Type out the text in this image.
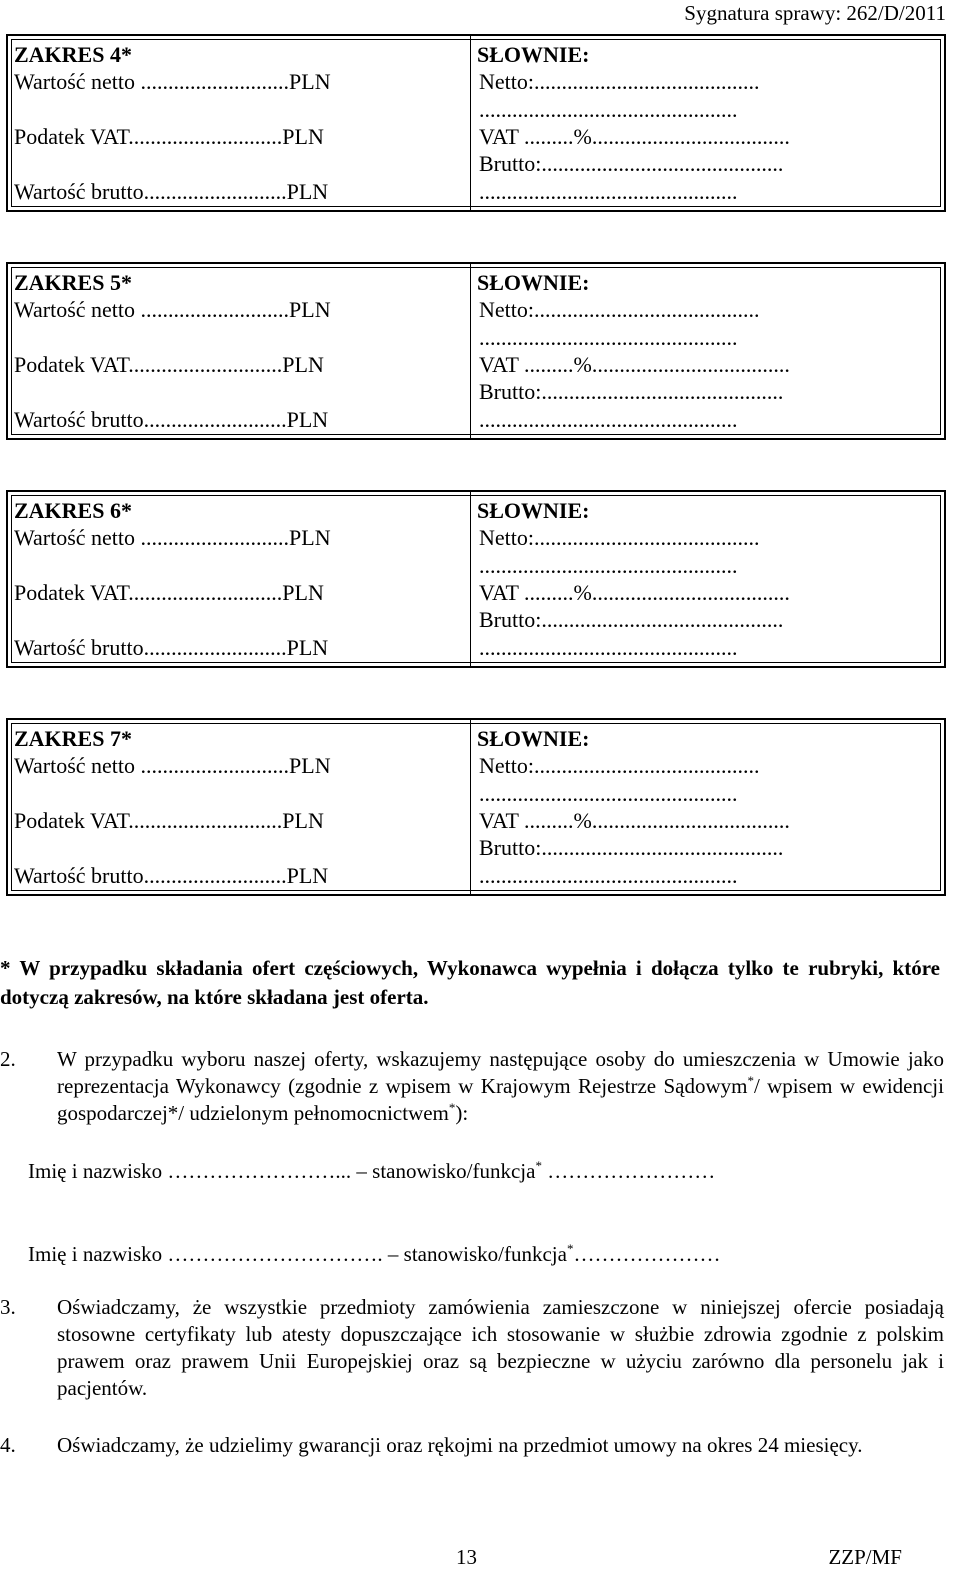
Sygnatura sprawy: 262/D/2011
ZAKRES 4*
Wartość netto ...........................PLN
Podatek VAT............................PLN
Wartość brutto..........................PLN
SŁOWNIE:
Netto:.........................................
...............................................
VAT .........%....................................
Brutto:............................................
...............................................
ZAKRES 5*
Wartość netto ...........................PLN
Podatek VAT............................PLN
Wartość brutto..........................PLN
SŁOWNIE:
Netto:.........................................
...............................................
VAT .........%....................................
Brutto:............................................
...............................................
ZAKRES 6*
Wartość netto ...........................PLN
Podatek VAT............................PLN
Wartość brutto..........................PLN
SŁOWNIE:
Netto:.........................................
...............................................
VAT .........%....................................
Brutto:............................................
...............................................
ZAKRES 7*
Wartość netto ...........................PLN
Podatek VAT............................PLN
Wartość brutto..........................PLN
SŁOWNIE:
Netto:.........................................
...............................................
VAT .........%....................................
Brutto:............................................
...............................................
* W przypadku składania ofert częściowych, Wykonawca wypełnia i dołącza tylko te rubryki, które dotyczą zakresów, na które składana jest oferta.
2. W przypadku wyboru naszej oferty, wskazujemy następujące osoby do umieszczenia w Umowie jako reprezentacja Wykonawcy (zgodnie z wpisem w Krajowym Rejestrze Sądowym*/ wpisem w ewidencji gospodarczej*/ udzielonym pełnomocnictwem*):
Imię i nazwisko ……………………... – stanowisko/funkcja* ……………………
Imię i nazwisko …………………………. – stanowisko/funkcja*…………………
3. Oświadczamy, że wszystkie przedmioty zamówienia zamieszczone w niniejszej ofercie posiadają stosowne certyfikaty lub atesty dopuszczające ich stosowanie w służbie zdrowia zgodnie z polskim prawem oraz prawem Unii Europejskiej oraz są bezpieczne w użyciu zarówno dla personelu jak i pacjentów.
4. Oświadczamy, że udzielimy gwarancji oraz rękojmi na przedmiot umowy na okres 24 miesięcy.
13	ZZP/MF
